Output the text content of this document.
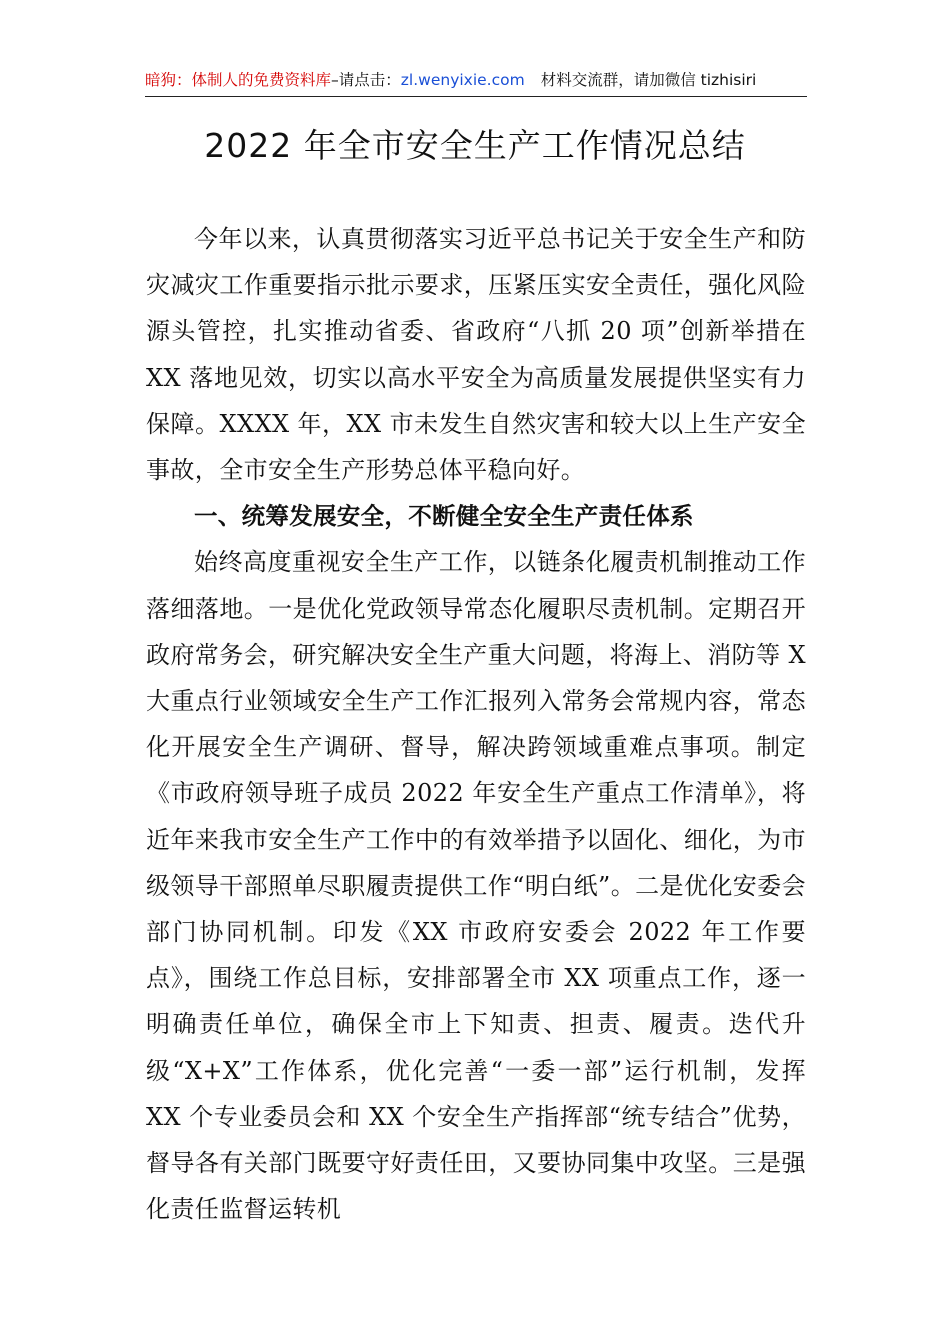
暗狗：体制人的免费资料库–请点击：zl.wenyixie.com 材料交流群，请加微信 tizhisiri
2022 年全市安全生产工作情况总结

今年以来，认真贯彻落实习近平总书记关于安全生产和防灾减灾工作重要指示批示要求，压紧压实安全责任，强化风险源头管控，扎实推动省委、省政府“八抓 20 项”创新举措在 XX 落地见效，切实以高水平安全为高质量发展提供坚实有力保障。XXXX 年，XX 市未发生自然灾害和较大以上生产安全事故，全市安全生产形势总体平稳向好。

一、统筹发展安全，不断健全安全生产责任体系

始终高度重视安全生产工作，以链条化履责机制推动工作落细落地。一是优化党政领导常态化履职尽责机制。定期召开政府常务会，研究解决安全生产重大问题，将海上、消防等 X 大重点行业领域安全生产工作汇报列入常务会常规内容，常态化开展安全生产调研、督导，解决跨领域重难点事项。制定《市政府领导班子成员 2022 年安全生产重点工作清单》，将近年来我市安全生产工作中的有效举措予以固化、细化，为市级领导干部照单尽职履责提供工作“明白纸”。二是优化安委会部门协同机制。印发《XX 市政府安委会 2022 年工作要点》，围绕工作总目标，安排部署全市 XX 项重点工作，逐一明确责任单位，确保全市上下知责、担责、履责。迭代升级“X+X”工作体系，优化完善“一委一部”运行机制，发挥 XX 个专业委员会和 XX 个安全生产指挥部“统专结合”优势，督导各有关部门既要守好责任田，又要协同集中攻坚。三是强化责任监督运转机
